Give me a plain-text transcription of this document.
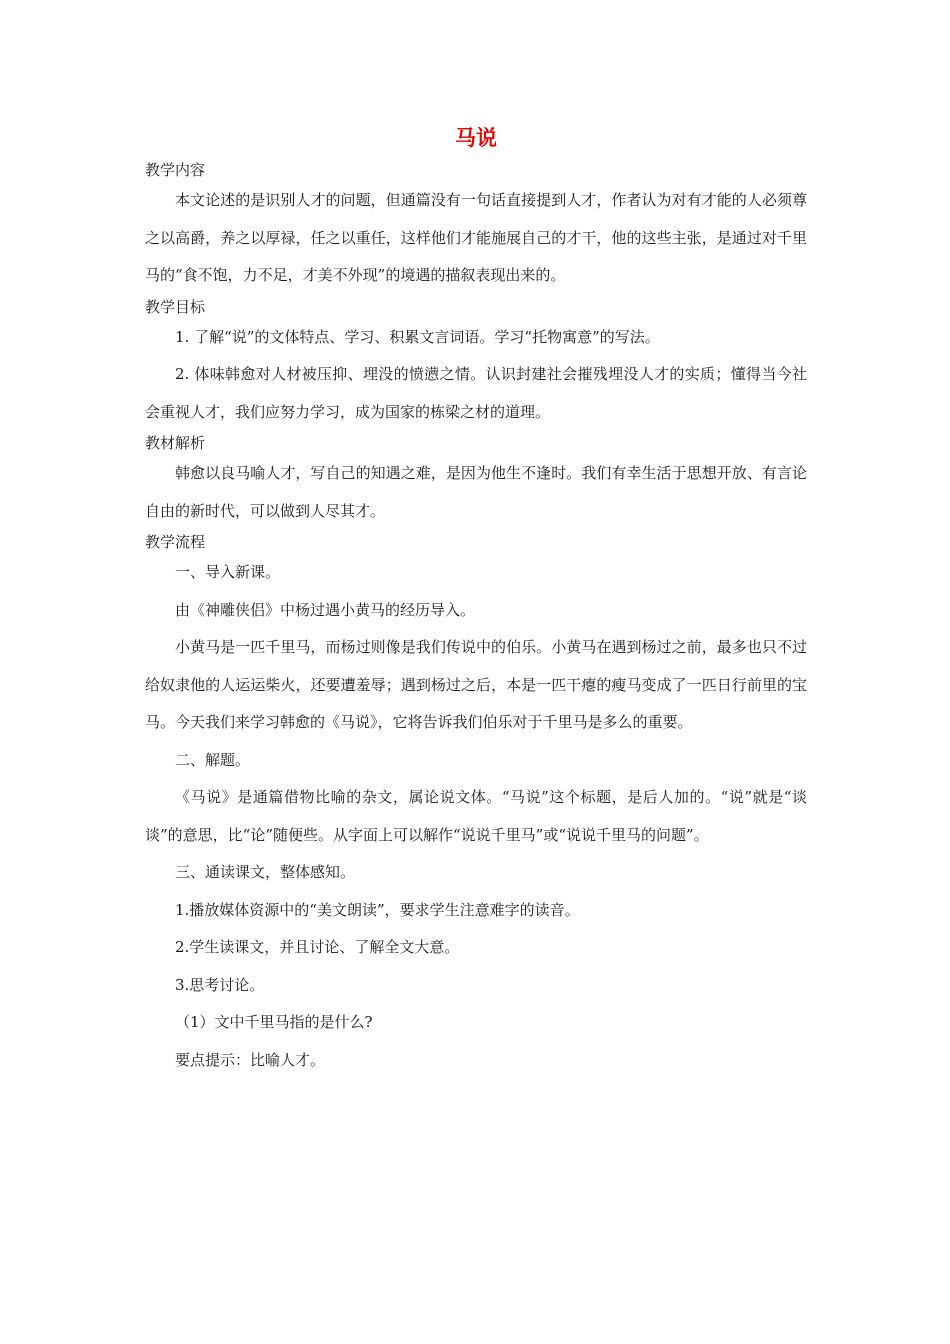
马说

教学内容

本文论述的是识别人才的问题，但通篇没有一句话直接提到人才，作者认为对有才能的人必须尊之以高爵，养之以厚禄，任之以重任，这样他们才能施展自己的才干，他的这些主张，是通过对千里马的“食不饱，力不足，才美不外现”的境遇的描叙表现出来的。

教学目标

1. 了解“说”的文体特点、学习、积累文言词语。学习“托物寓意”的写法。

2. 体味韩愈对人材被压抑、埋没的愤懑之情。认识封建社会摧残埋没人才的实质；懂得当今社会重视人才，我们应努力学习，成为国家的栋梁之材的道理。

教材解析

韩愈以良马喻人才，写自己的知遇之难，是因为他生不逢时。我们有幸生活于思想开放、有言论自由的新时代，可以做到人尽其才。

教学流程

一、导入新课。

由《神雕侠侣》中杨过遇小黄马的经历导入。

小黄马是一匹千里马，而杨过则像是我们传说中的伯乐。小黄马在遇到杨过之前，最多也只不过给奴隶他的人运运柴火，还要遭羞辱；遇到杨过之后，本是一匹干瘪的瘦马变成了一匹日行前里的宝马。今天我们来学习韩愈的《马说》，它将告诉我们伯乐对于千里马是多么的重要。

二、解题。

《马说》是通篇借物比喻的杂文，属论说文体。“马说”这个标题，是后人加的。“说”就是“谈谈”的意思，比“论”随便些。从字面上可以解作“说说千里马”或“说说千里马的问题”。

三、通读课文，整体感知。

1.播放媒体资源中的“美文朗读”，要求学生注意难字的读音。

2.学生读课文，并且讨论、了解全文大意。

3.思考讨论。

（1）文中千里马指的是什么?

要点提示：比喻人才。
